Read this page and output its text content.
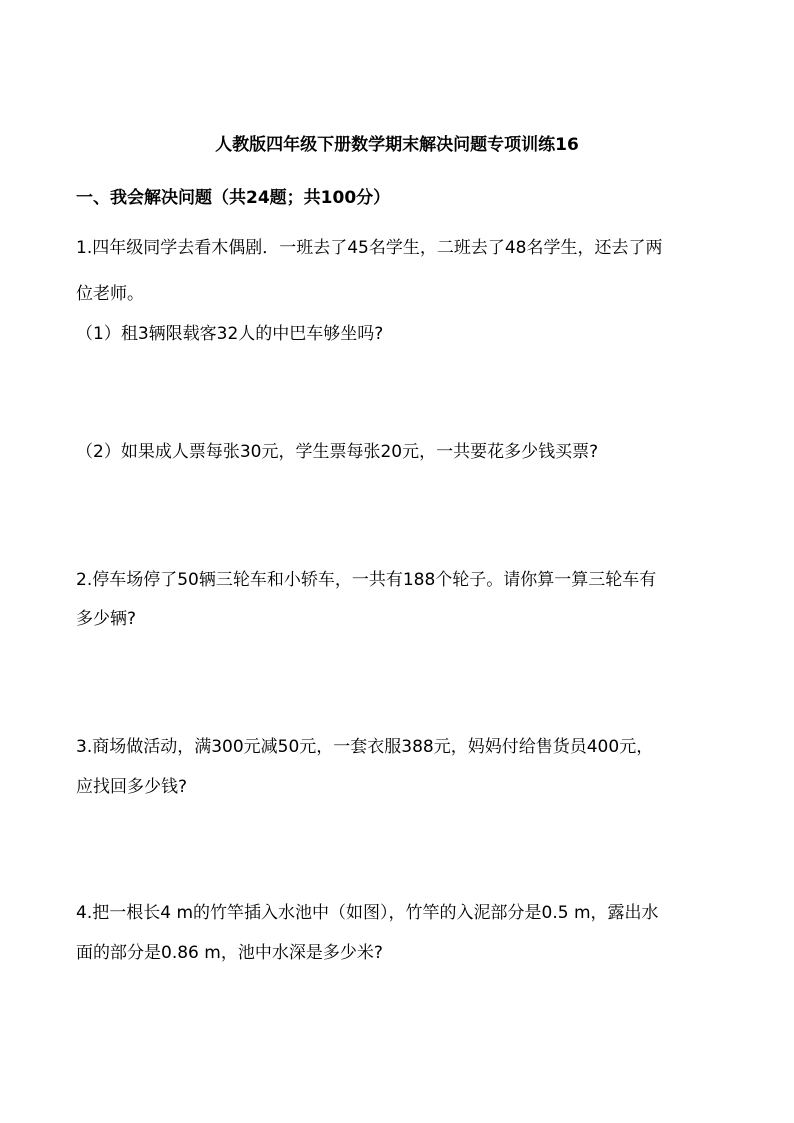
人教版四年级下册数学期末解决问题专项训练16
一、我会解决问题（共24题；共100分）
1.四年级同学去看木偶剧．一班去了45名学生，二班去了48名学生，还去了两
位老师。
（1）租3辆限载客32人的中巴车够坐吗?
（2）如果成人票每张30元，学生票每张20元，一共要花多少钱买票?
2.停车场停了50辆三轮车和小轿车，一共有188个轮子。请你算一算三轮车有
多少辆?
3.商场做活动，满300元减50元，一套衣服388元，妈妈付给售货员400元，
应找回多少钱?
4.把一根长4 m的竹竿插入水池中（如图），竹竿的入泥部分是0.5 m，露出水
面的部分是0.86 m，池中水深是多少米?
